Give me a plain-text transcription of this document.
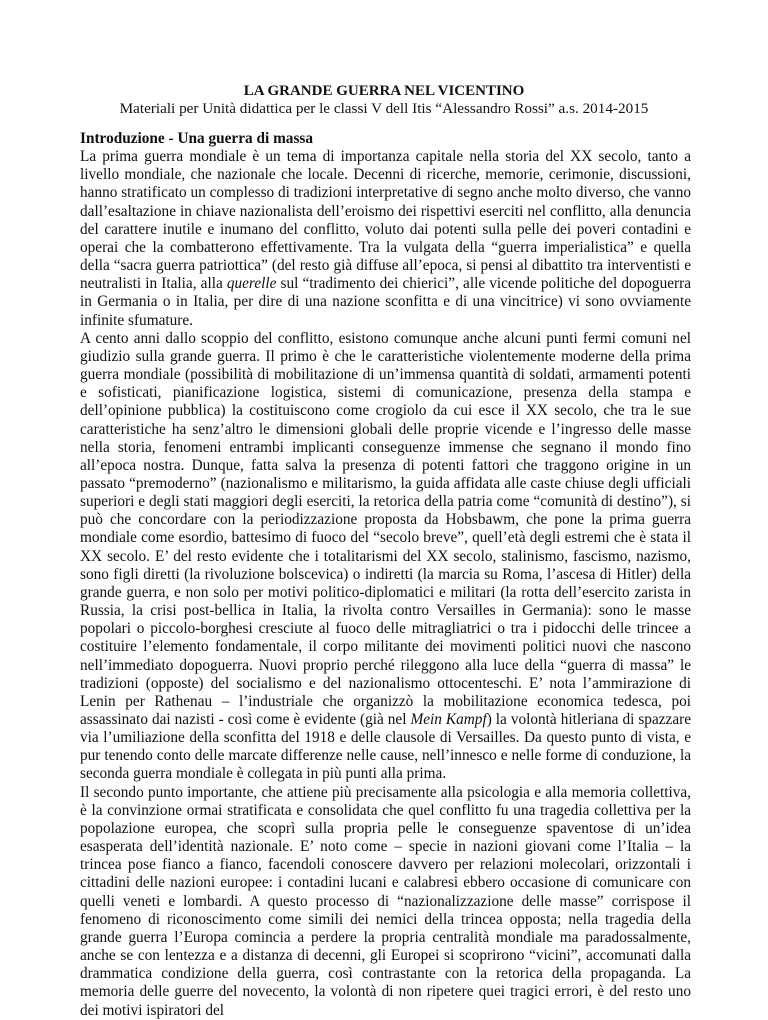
LA GRANDE GUERRA NEL VICENTINO

Materiali per Unità didattica per le classi V dell Itis “Alessandro Rossi” a.s. 2014-2015

Introduzione - Una guerra di massa

La prima guerra mondiale è un tema di importanza capitale nella storia del XX secolo, tanto a livello mondiale, che nazionale che locale. Decenni di ricerche, memorie, cerimonie, discussioni, hanno stratificato un complesso di tradizioni interpretative di segno anche molto diverso, che vanno dall’esaltazione in chiave nazionalista dell’eroismo dei rispettivi eserciti nel conflitto, alla denuncia del carattere inutile e inumano del conflitto, voluto dai potenti sulla pelle dei poveri contadini e operai che la combatterono effettivamente. Tra la vulgata della “guerra imperialistica” e quella della “sacra guerra patriottica” (del resto già diffuse all’epoca, si pensi al dibattito tra interventisti e neutralisti in Italia, alla querelle sul “tradimento dei chierici”, alle vicende politiche del dopoguerra in Germania o in Italia, per dire di una nazione sconfitta e di una vincitrice) vi sono ovviamente infinite sfumature.

A cento anni dallo scoppio del conflitto, esistono comunque anche alcuni punti fermi comuni nel giudizio sulla grande guerra. Il primo è che le caratteristiche violentemente moderne della prima guerra mondiale (possibilità di mobilitazione di un’immensa quantità di soldati, armamenti potenti e sofisticati, pianificazione logistica, sistemi di comunicazione, presenza della stampa e dell’opinione pubblica) la costituiscono come crogiolo da cui esce il XX secolo, che tra le sue caratteristiche ha senz’altro le dimensioni globali delle proprie vicende e l’ingresso delle masse nella storia, fenomeni entrambi implicanti conseguenze immense che segnano il mondo fino all’epoca nostra. Dunque, fatta salva la presenza di potenti fattori che traggono origine in un passato “premoderno” (nazionalismo e militarismo, la guida affidata alle caste chiuse degli ufficiali superiori e degli stati maggiori degli eserciti, la retorica della patria come “comunità di destino”), si può che concordare con la periodizzazione proposta da Hobsbawm, che pone la prima guerra mondiale come esordio, battesimo di fuoco del “secolo breve”, quell’età degli estremi che è stata il XX secolo. E’ del resto evidente che i totalitarismi del XX secolo, stalinismo, fascismo, nazismo, sono figli diretti (la rivoluzione bolscevica) o indiretti (la marcia su Roma, l’ascesa di Hitler) della grande guerra, e non solo per motivi politico-diplomatici e militari (la rotta dell’esercito zarista in Russia, la crisi post-bellica in Italia, la rivolta contro Versailles in Germania): sono le masse popolari o piccolo-borghesi cresciute al fuoco delle mitragliatrici o tra i pidocchi delle trincee a costituire l’elemento fondamentale, il corpo militante dei movimenti politici nuovi che nascono nell’immediato dopoguerra. Nuovi proprio perché rileggono alla luce della “guerra di massa” le tradizioni (opposte) del socialismo e del nazionalismo ottocenteschi. E’ nota l’ammirazione di Lenin per Rathenau – l’industriale che organizzò la mobilitazione economica tedesca, poi assassinato dai nazisti - così come è evidente (già nel Mein Kampf) la volontà hitleriana di spazzare via l’umiliazione della sconfitta del 1918 e delle clausole di Versailles. Da questo punto di vista, e pur tenendo conto delle marcate differenze nelle cause, nell’innesco e nelle forme di conduzione, la seconda guerra mondiale è collegata in più punti alla prima.

Il secondo punto importante, che attiene più precisamente alla psicologia e alla memoria collettiva, è la convinzione ormai stratificata e consolidata che quel conflitto fu una tragedia collettiva per la popolazione europea, che scoprì sulla propria pelle le conseguenze spaventose di un’idea esasperata dell’identità nazionale. E’ noto come – specie in nazioni giovani come l’Italia – la trincea pose fianco a fianco, facendoli conoscere davvero per relazioni molecolari, orizzontali i cittadini delle nazioni europee: i contadini lucani e calabresi ebbero occasione di comunicare con quelli veneti e lombardi. A questo processo di “nazionalizzazione delle masse” corrispose il fenomeno di riconoscimento come simili dei nemici della trincea opposta; nella tragedia della grande guerra l’Europa comincia a perdere la propria centralità mondiale ma paradossalmente, anche se con lentezza e a distanza di decenni, gli Europei si scoprirono “vicini”, accomunati dalla drammatica condizione della guerra, così contrastante con la retorica della propaganda. La memoria delle guerre del novecento, la volontà di non ripetere quei tragici errori, è del resto uno dei motivi ispiratori del
